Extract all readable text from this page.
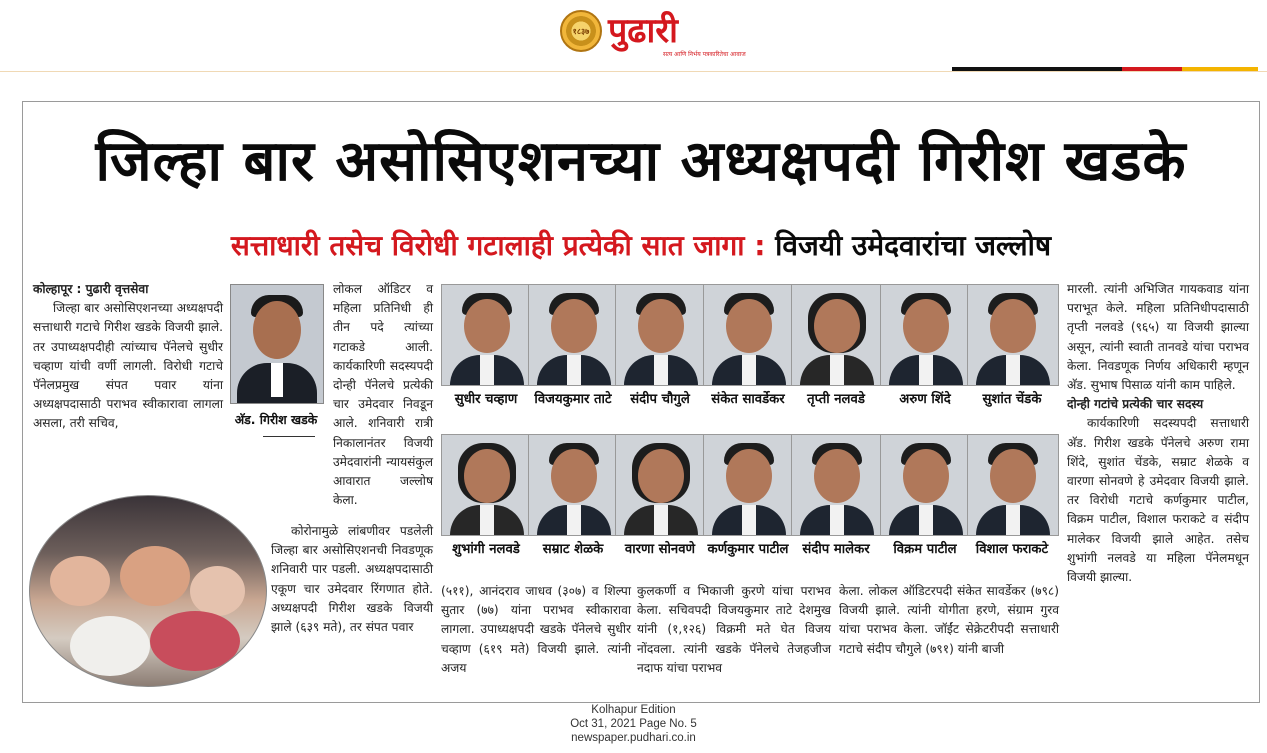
१८३७ पुढारी
सत्य आणि निर्भय पत्रकारितेचा आवाज
जिल्हा बार असोसिएशनच्या अध्यक्षपदी गिरीश खडके
सत्ताधारी तसेच विरोधी गटालाही प्रत्येकी सात जागा : विजयी उमेदवारांचा जल्लोष

कोल्हापूर : पुढारी वृत्तसेवा

जिल्हा बार असोसिएशनच्या अध्यक्षपदी सत्ताधारी गटाचे गिरीश खडके विजयी झाले. तर उपाध्यक्षपदीही त्यांच्याच पॅनेलचे सुधीर चव्हाण यांची वर्णी लागली. विरोधी गटाचे पॅनेलप्रमुख संपत पवार यांना अध्यक्षपदासाठी पराभव स्वीकारावा लागला असला, तरी सचिव,	अ‍ॅड. गिरीश खडके

लोकल ऑडिटर व महिला प्रतिनिधी ही तीन पदे त्यांच्या गटाकडे आली. कार्यकारिणी सदस्यपदी दोन्ही पॅनेलचे प्रत्येकी चार उमेदवार निवडून आले. शनिवारी रात्री निकालानंतर विजयी उमेदवारांनी न्यायसंकुल आवारात जल्लोष केला.

कोरोनामुळे लांबणीवर पडलेली जिल्हा बार असोसिएशनची निवडणूक शनिवारी पार पडली. अध्यक्षपदासाठी एकूण चार उमेदवार रिंगणात होते. अध्यक्षपदी गिरीश खडके विजयी झाले (६३९ मते), तर संपत पवार

सुधीर चव्हाण	विजयकुमार ताटे	संदीप चौगुले	संकेत सावर्डेकर	तृप्ती नलवडे	अरुण शिंदे	सुशांत चेंडके
शुभांगी नलवडे	सम्राट शेळके	वारणा सोनवणे कर्णकुमार पाटील	संदीप मालेकर	विक्रम पाटील	विशाल फराकटे

(५११), आनंदराव जाधव (३०७) व शिल्पा सुतार (७७) यांना पराभव स्वीकारावा लागला. उपाध्यक्षपदी खडके पॅनेलचे सुधीर चव्हाण (६१९ मते) विजयी झाले. त्यांनी अजय

कुलकर्णी व भिकाजी कुरणे यांचा पराभव केला. सचिवपदी विजयकुमार ताटे देशमुख यांनी (१,१२६) विक्रमी मते घेत विजय नोंदवला. त्यांनी खडके पॅनेलचे तेजहजीज नदाफ यांचा पराभव

केला. लोकल ऑडिटरपदी संकेत सावर्डेकर (७९८) विजयी झाले. त्यांनी योगीता हरणे, संग्राम गुरव यांचा पराभव केला. जॉईंट सेक्रेटरीपदी सत्ताधारी गटाचे संदीप चौगुले (७९१) यांनी बाजी

मारली. त्यांनी अभिजित गायकवाड यांना पराभूत केले. महिला प्रतिनिधीपदासाठी तृप्ती नलवडे (९६५) या विजयी झाल्या असून, त्यांनी स्वाती तानवडे यांचा पराभव केला. निवडणूक निर्णय अधिकारी म्हणून अ‍ॅड. सुभाष पिसाळ यांनी काम पाहिले.

दोन्ही गटांचे प्रत्येकी चार सदस्य

कार्यकारिणी सदस्यपदी सत्ताधारी अ‍ॅड. गिरीश खडके पॅनेलचे अरुण रामा शिंदे, सुशांत चेंडके, सम्राट शेळके व वारणा सोनवणे हे उमेदवार विजयी झाले. तर विरोधी गटाचे कर्णकुमार पाटील, विक्रम पाटील, विशाल फराकटे व संदीप मालेकर विजयी झाले आहेत. तसेच शुभांगी नलवडे या महिला पॅनेलमधून विजयी झाल्या.

Kolhapur Edition
Oct 31, 2021 Page No. 5
newspaper.pudhari.co.in
